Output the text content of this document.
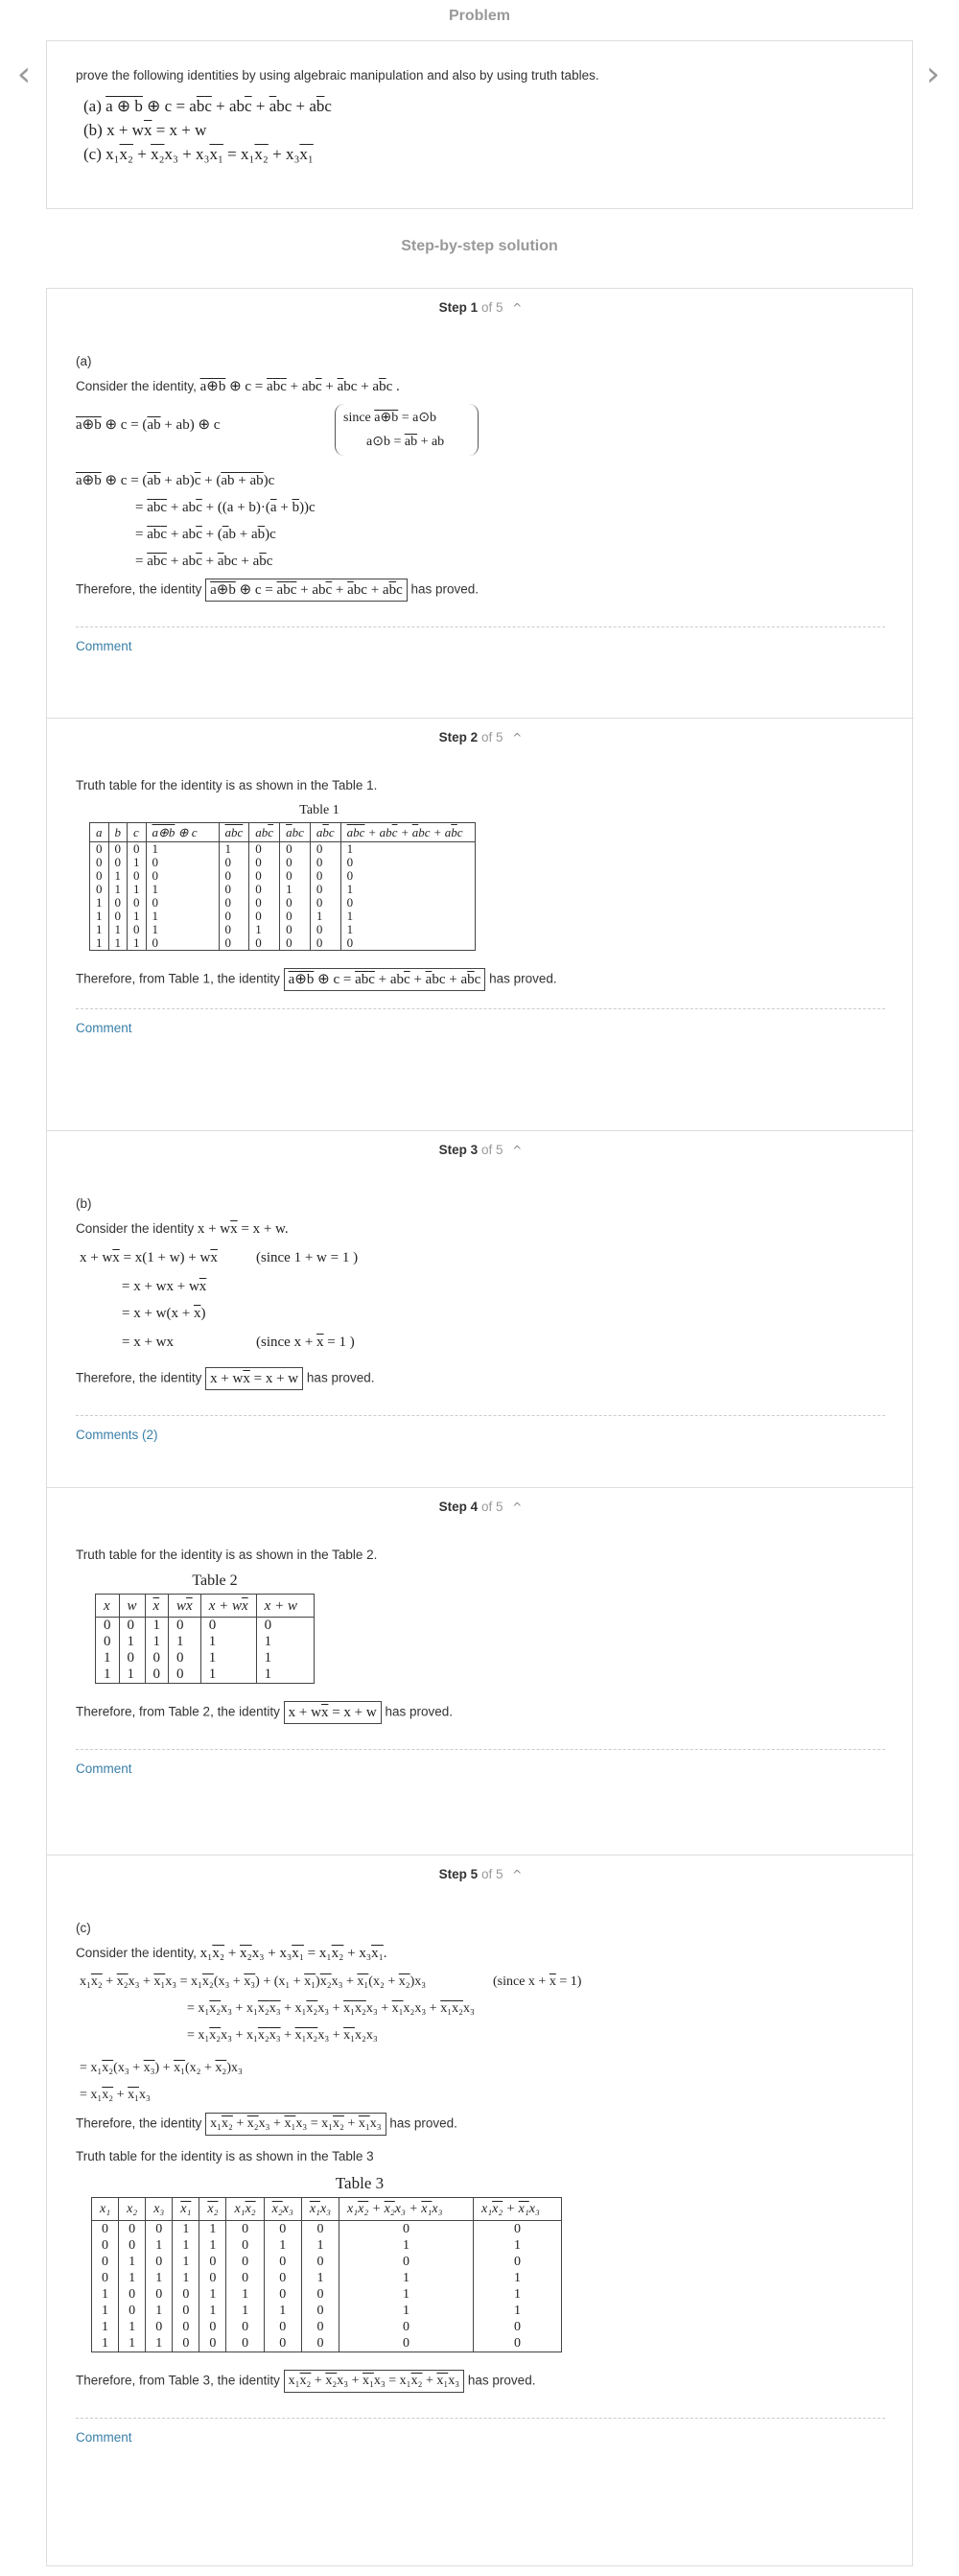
Problem
‹	›
prove the following identities by using algebraic manipulation and also by using truth tables.
(a) a ⊕ b ⊕ $c = a\overline{b}\overline{c} + ab\overline{c} + \overline{a}bc + a\overline{b}c$
(b) $x + w\overline{x} = x + w$
(c) x₁x₂ + x₂x₃ + x₃x₁ = x₁x₂ + x₃x₁
Step-by-step solution
Step 1 of 5 ^
(a)
Consider the identity, a⊕b ⊕ $c = \overline{a}\overline{b}\overline{c} + ab\overline{c} + \overline{a}bc + a\overline{b}c$ .
a⊕b ⊕ $c = (\overline{a}\overline{b} + ab)$ ⊕ c	since a⊕b = a⊙b
a⊙b = $\overline{a}\overline{b}$ + ab
a⊕b ⊕ $c = (\overline{a}\overline{b} + ab)\overline{c} + (ab + ab)c$
= $\overline{a}\overline{b}\overline{c} + ab\overline{c} + ((a + b)\cdot(\overline{a} + \overline{b}))c$
= $\overline{a}\overline{b}\overline{c} + ab\overline{c} + (\overline{a}b + a\overline{b})c$
= $\overline{a}\overline{b}\overline{c} + ab\overline{c} + \overline{a}bc + a\overline{b}c$
Therefore, the identity a⊕b ⊕ $c = \overline{a}\overline{b}\overline{c} + ab\overline{c} + \overline{a}bc + a\overline{b}c$ has proved.
Comment
Step 2 of 5 ^
Truth table for the identity is as shown in the Table 1.
Table 1
a	b	c	a⊕b ⊕ c	$\overline{a}\overline{b}\overline{c}$	$ab\overline{c}$	$\overline{a}bc$	$a\overline{b}c$	$\overline{a}\overline{b}\overline{c} + ab\overline{c} + \overline{a}bc + a\overline{b}c$
0	0	0	1	1	0	0	0	1
0	0	1	0	0	0	0	0	0
0	1	0	0	0	0	0	0	0
0	1	1	1	0	0	1	0	1
1	0	0	0	0	0	0	0	0
1	0	1	1	0	0	0	1	1
1	1	0	1	0	1	0	0	1
1	1	1	0	0	0	0	0	0
Therefore, from Table 1, the identity a⊕b ⊕ $c = \overline{a}\overline{b}\overline{c} + ab\overline{c} + \overline{a}bc + a\overline{b}c$ has proved.
Comment
Step 3 of 5 ^
(b)
Consider the identity $x + w\overline{x} = x + w$.
$x + w\overline{x} = x(1 + w) + w\overline{x}$
= x + wx + $w\overline{x}$
= $x + w(x + \overline{x})$
= x + wx
(since 1 + w = 1 )
(since $x + \overline{x} = 1$ )
Therefore, the identity $x + w\overline{x} = x + w$ has proved.
Comments (2)
Step 4 of 5 ^
Truth table for the identity is as shown in the Table 2.
Table 2
x	w	$\overline{x}$	$w\overline{x}$	$x + w\overline{x}$	x + w
0	0	1	0	0	0
0	1	1	1	1	1
1	0	0	0	1	1
1	1	0	0	1	1
Therefore, from Table 2, the identity $x + w\overline{x} = x + w$ has proved.
Comment
Step 5 of 5 ^
(c)
Consider the identity, x₁x₂ + x₂x₃ + x₃x₁ = x₁x₂ + x₃x₁.
x₁x₂ + x₂x₃ + x₁x₃ = x₁x₂(x₃ + x₃) + (x₁ + x₁)x₂x₃ + x₁(x₂ + x₂)x₃	(since $x + \overline{x} = 1$)
= x₁x₂x₃ + x₁x₂x₃ + x₁x₂x₃ + x₁x₂x₃ + x₁x₂x₃ + x₁x₂x₃
= x₁x₂x₃ + x₁x₂x₃ + x₁x₂x₃ + x₁x₂x₃
= x₁x₂(x₃ + x₃) + x₁(x₂ + x₂)x₃
= x₁x₂ + x₁x₃
Therefore, the identity x₁x₂ + x₂x₃ + x₁x₃ = x₁x₂ + x₁x₃ has proved.
Truth table for the identity is as shown in the Table 3
Table 3
x₁	x₂	x₃	x₁	x₂	x₁x₂	x₂x₃	x₁x₃	x₁x₂ + x₂x₃ + x₁x₃	x₁x₂ + x₁x₃
0	0	0	1	1	0	0	0	0	0
0	0	1	1	1	0	1	1	1	1
0	1	0	1	0	0	0	0	0	0
0	1	1	1	0	0	0	1	1	1
1	0	0	0	1	1	0	0	1	1
1	0	1	0	1	1	1	0	1	1
1	1	0	0	0	0	0	0	0	0
1	1	1	0	0	0	0	0	0	0
Therefore, from Table 3, the identity x₁x₂ + x₂x₃ + x₁x₃ = x₁x₂ + x₁x₃ has proved.
Comment
